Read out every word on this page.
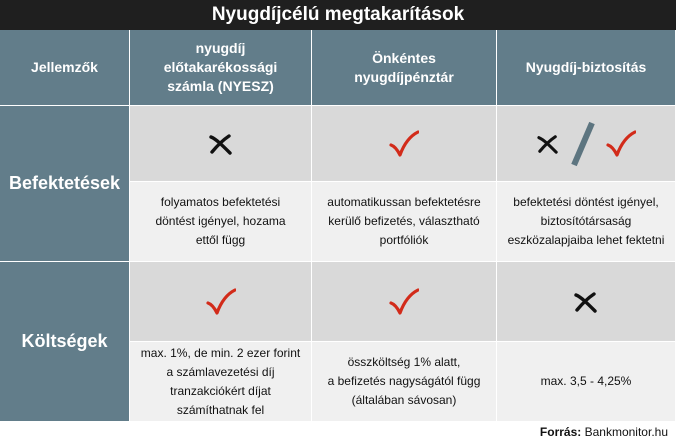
Nyugdíjcélú megtakarítások
Jellemzők
nyugdíj
előtakarékossági
számla (NYESZ)
Önkéntes
nyugdíjpénztár
Nyugdíj-biztosítás
Befektetések
folyamatos befektetési
döntést igényel, hozama
ettől függ
automatikussan befektetésre
kerülő befizetés, választható
portfóliók
befektetési döntést igényel,
biztosítótársaság
eszközalapjaiba lehet fektetni
Költségek
max. 1%, de min. 2 ezer forint
a számlavezetési díj
tranzakciókért díjat
számíthatnak fel
összköltség 1% alatt,
a befizetés nagyságától függ
(általában sávosan)
max. 3,5 - 4,25%
Forrás: Bankmonitor.hu
